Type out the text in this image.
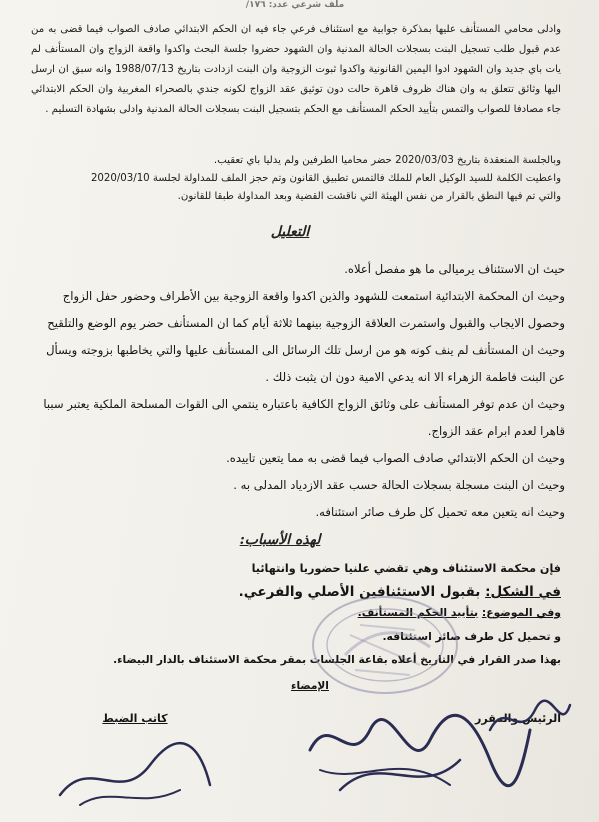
ملف شرعي عدد: ١٧٦/
وادلى محامي المستأنف عليها بمذكرة جوابية مع استئناف فرعي جاء فيه ان الحكم الابتدائي صادف الصواب فيما قضى به من عدم قبول طلب تسجيل البنت بسجلات الحالة المدنية وان الشهود حضروا جلسة البحث واكدوا واقعة الزواج وان المستأنف لم يات باي جديد وان الشهود ادوا اليمين القانونية واكدوا ثبوت الزوجية وان البنت ازدادت بتاريخ 1988/07/13 وانه سبق ان ارسل اليها وثائق تتعلق به وان هناك ظروف قاهرة حالت دون توثيق عقد الزواج لكونه جندي بالصحراء المغربية وان الحكم الابتدائي جاء مصادفا للصواب والتمس بتأييد الحكم المستأنف مع الحكم بتسجيل البنت بسجلات الحالة المدنية وادلى بشهادة التسليم .
وبالجلسة المنعقدة بتاريخ 2020/03/03 حضر محاميا الطرفين ولم يدليا باي تعقيب.
واعطيت الكلمة للسيد الوكيل العام للملك فالتمس تطبيق القانون وتم حجز الملف للمداولة لجلسة 2020/03/10
والتي تم فيها النطق بالقرار من نفس الهيئة التي ناقشت القضية وبعد المداولة طبقا للقانون.
التعليل
حيث ان الاستئناف يرميالى ما هو مفصل أعلاه.
وحيث ان المحكمة الابتدائية استمعت للشهود والذين اكدوا واقعة الزوجية بين الأطراف وحضور حفل الزواج
وحصول الايجاب والقبول واستمرت العلاقة الزوجية بينهما ثلاثة أيام كما ان المستأنف حضر يوم الوضع والتلقيح
وحيث ان المستأنف لم ينف كونه هو من ارسل تلك الرسائل الى المستأنف عليها والتي يخاطبها بزوجته ويسأل
عن البنت فاطمة الزهراء الا انه يدعي الامية دون ان يثبت ذلك .
وحيث ان عدم توفر المستأنف على وثائق الزواج الكافية باعتباره ينتمي الى القوات المسلحة الملكية يعتبر سببا
قاهرا لعدم ابرام عقد الزواج.
وحيث ان الحكم الابتدائي صادف الصواب فيما قضى به مما يتعين تاييده.
وحيث ان البنت مسجلة بسجلات الحالة حسب عقد الازدياد المدلى به .
وحيث انه يتعين معه تحميل كل طرف صائر استئنافه.
لهذه الأسباب:
فإن محكمة الاستئناف وهي تقضي علنيا حضوريا وانتهائيا
في الشكل: بقبول الاستئنافين الأصلي والفرعي.
وفي الموضوع: بتأييد الحكم المستأنف.
و تحميل كل طرف صائر استئنافه.
بهذا صدر القرار في التاريخ أعلاه بقاعة الجلسات بمقر محكمة الاستئناف بالدار البيضاء.
الإمضاء
الرئيس والمقرر
كاتب الضبط
